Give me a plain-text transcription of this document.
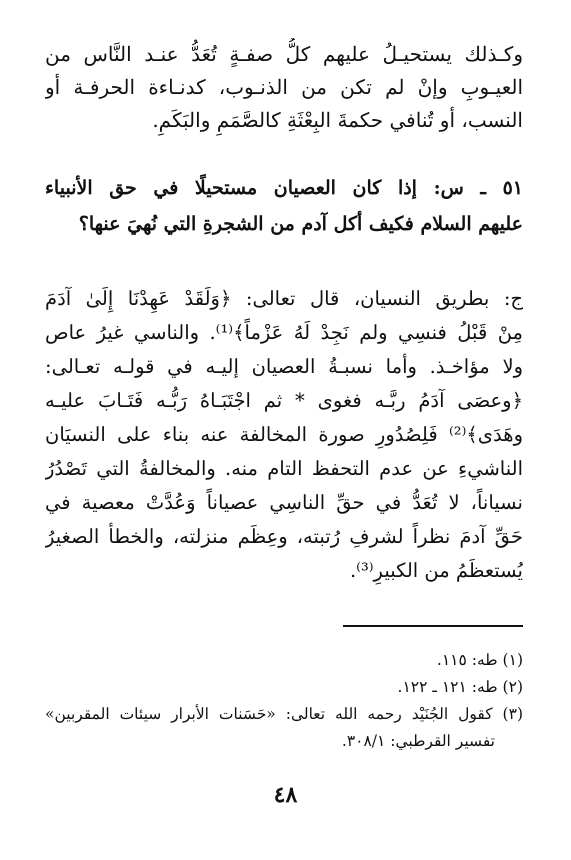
وكـذلك يستحيـلُ عليهم كلُّ صفـةٍ تُعَدُّ عنـد النَّاس من
العيـوبِ وإنْ لم تكن من الذنـوب، كدنـاءة الحرفـة أو
النسب، أو تُنافي حكمةَ البِعْثَةِ كالصَّمَمِ والبَكَمِ.
٥١ ـ س: إذا كان العصيان مستحيلًا في حق الأنبياء
عليهم السلام فكيف أكل آدم من الشجرةِ التي نُهيَ عنها؟
ج: بطريق النسيان، قال تعالى: ﴿وَلَقَدْ عَهِدْنَا إِلَىٰ آدَمَ
مِنْ قَبْلُ فنسِي ولم نَجِدْ لَهُ عَزْماً﴾⁽¹⁾. والناسي غيرُ عاص
ولا مؤاخـذ. وأما نسبـةُ العصيان إليـه في قولـه تعـالى:
﴿وعصَى آدَمُ ربَّـه فغوى * ثم اجْتَبَـاهُ رَبُّـه فَتَـابَ عليـه
وهَدَى﴾⁽²⁾ فَلِصُدُورِ صورة المخالفة عنه بناء على النسيَان
الناشيءِ عن عدم التحفظ التام منه. والمخالفةُ التي تَصْدُرُ
نسياناً، لا تُعَدُّ في حقِّ الناسِي عصياناً وَعُدَّتْ معصية في
حَقِّ آدمَ نظراً لشرفِ رُتبته، وعِظَم منزلته، والخطأ الصغيرُ
يُستعظَمُ من الكبيرِ⁽³⁾.
(١) طه: ١١٥.
(٢) طه: ١٢١ ـ ١٢٢.
(٣) كقول الجُنَيْد رحمه الله تعالى: «حَسَنات الأبرار سيئات المقربين»
تفسير القرطبي: ٣٠٨/١.
٤٨
